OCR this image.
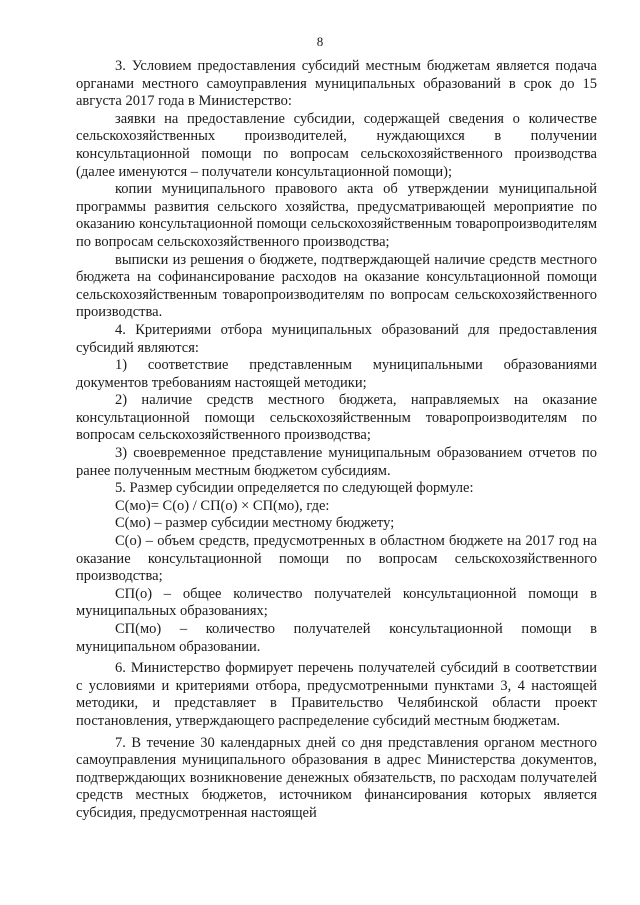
8

3. Условием предоставления субсидий местным бюджетам является подача органами местного самоуправления муниципальных образований в срок до 15 августа 2017 года в Министерство:

заявки на предоставление субсидии, содержащей сведения о количестве сельскохозяйственных производителей, нуждающихся в получении консультационной помощи по вопросам сельскохозяйственного производства (далее именуются – получатели консультационной помощи);

копии муниципального правового акта об утверждении муниципальной программы развития сельского хозяйства, предусматривающей мероприятие по оказанию консультационной помощи сельскохозяйственным товаропроизводителям по вопросам сельскохозяйственного производства;

выписки из решения о бюджете, подтверждающей наличие средств местного бюджета на софинансирование расходов на оказание консультационной помощи сельскохозяйственным товаропроизводителям по вопросам сельскохозяйственного производства.

4. Критериями отбора муниципальных образований для предоставления субсидий являются:

1) соответствие представленным муниципальными образованиями документов требованиям настоящей методики;

2) наличие средств местного бюджета, направляемых на оказание консультационной помощи сельскохозяйственным товаропроизводителям по вопросам сельскохозяйственного производства;

3) своевременное представление муниципальным образованием отчетов по ранее полученным местным бюджетом субсидиям.

5. Размер субсидии определяется по следующей формуле:

С(мо)= С(о) / СП(о) × СП(мо), где:

С(мо) – размер субсидии местному бюджету;

С(о) – объем средств, предусмотренных в областном бюджете на 2017 год на оказание консультационной помощи по вопросам сельскохозяйственного производства;

СП(о) – общее количество получателей консультационной помощи в муниципальных образованиях;

СП(мо) – количество получателей консультационной помощи в муниципальном образовании.

6. Министерство формирует перечень получателей субсидий в соответствии с условиями и критериями отбора, предусмотренными пунктами 3, 4 настоящей методики, и представляет в Правительство Челябинской области проект постановления, утверждающего распределение субсидий местным бюджетам.

7. В течение 30 календарных дней со дня представления органом местного самоуправления муниципального образования в адрес Министерства документов, подтверждающих возникновение денежных обязательств, по расходам получателей средств местных бюджетов, источником финансирования которых является субсидия, предусмотренная настоящей
